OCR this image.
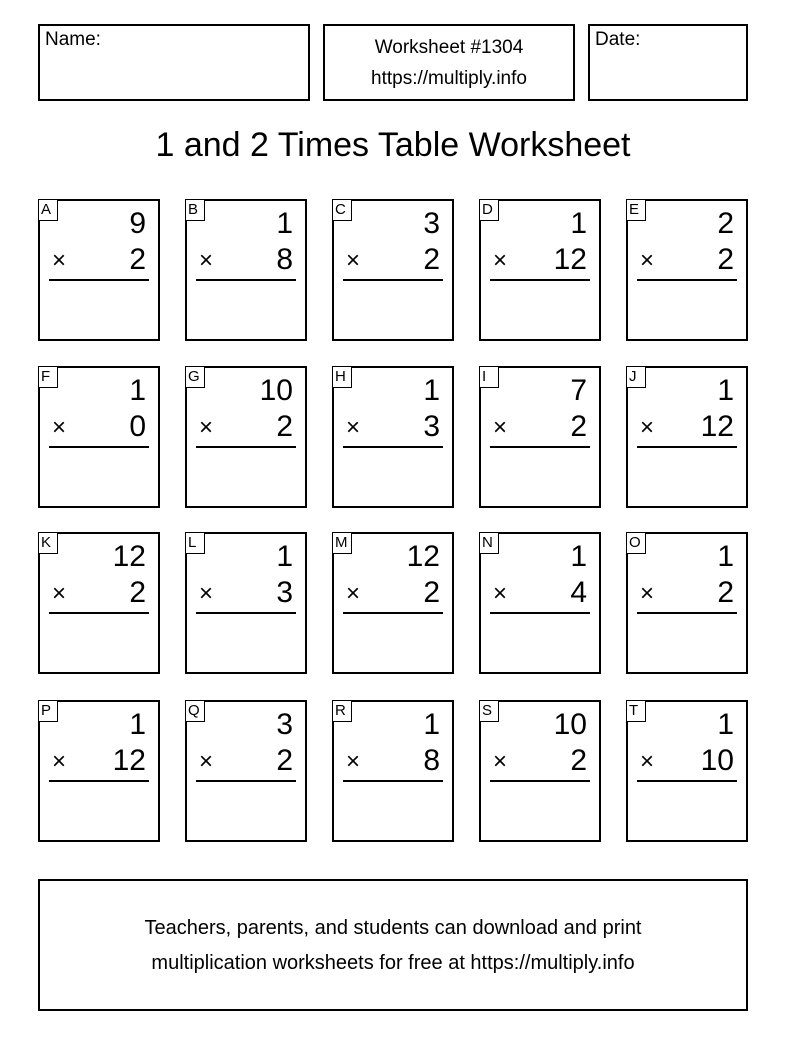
Name:	Worksheet #1304
https://multiply.info
Date:
1 and 2 Times Table Worksheet
A	9
× 2
B	1
× 8
C	3
× 2
D	1
× 12
E	2
× 2
F	1
× 0
G 10
× 2
H	1
× 3
I	7
× 2
J	1
× 12
K 12
× 2
L	1
× 3
M 12
× 2
N	1
× 4
O	1
× 2
P	1
× 12
Q	3
× 2
R	1
× 8
S 10
× 2
T	1
× 10
Teachers, parents, and students can download and print
multiplication worksheets for free at https://multiply.info
